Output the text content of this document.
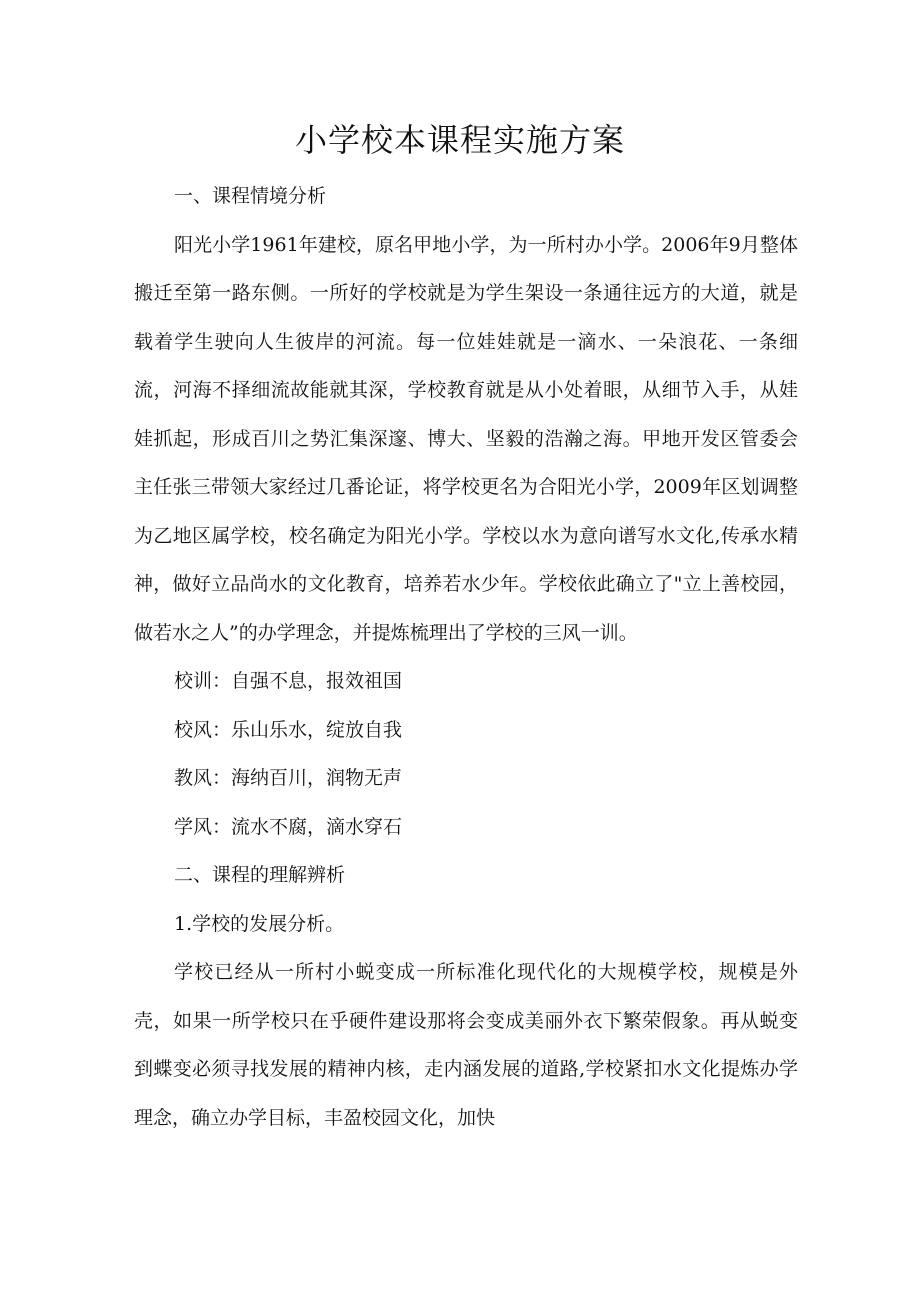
小学校本课程实施方案

一、课程情境分析

阳光小学1961年建校，原名甲地小学，为一所村办小学。2006年9月整体搬迁至第一路东侧。一所好的学校就是为学生架设一条通往远方的大道，就是载着学生驶向人生彼岸的河流。每一位娃娃就是一滴水、一朵浪花、一条细流，河海不择细流故能就其深，学校教育就是从小处着眼，从细节入手，从娃娃抓起，形成百川之势汇集深邃、博大、坚毅的浩瀚之海。甲地开发区管委会主任张三带领大家经过几番论证，将学校更名为合阳光小学，2009年区划调整为乙地区属学校，校名确定为阳光小学。学校以水为意向谱写水文化,传承水精神，做好立品尚水的文化教育，培养若水少年。学校依此确立了"立上善校园，做若水之人”的办学理念，并提炼梳理出了学校的三风一训。

校训：自强不息，报效祖国

校风：乐山乐水，绽放自我

教风：海纳百川，润物无声

学风：流水不腐，滴水穿石

二、课程的理解辨析

1.学校的发展分析。

学校已经从一所村小蜕变成一所标准化现代化的大规模学校，规模是外壳，如果一所学校只在乎硬件建设那将会变成美丽外衣下繁荣假象。再从蜕变到蝶变必须寻找发展的精神内核，走内涵发展的道路,学校紧扣水文化提炼办学理念，确立办学目标，丰盈校园文化，加快
